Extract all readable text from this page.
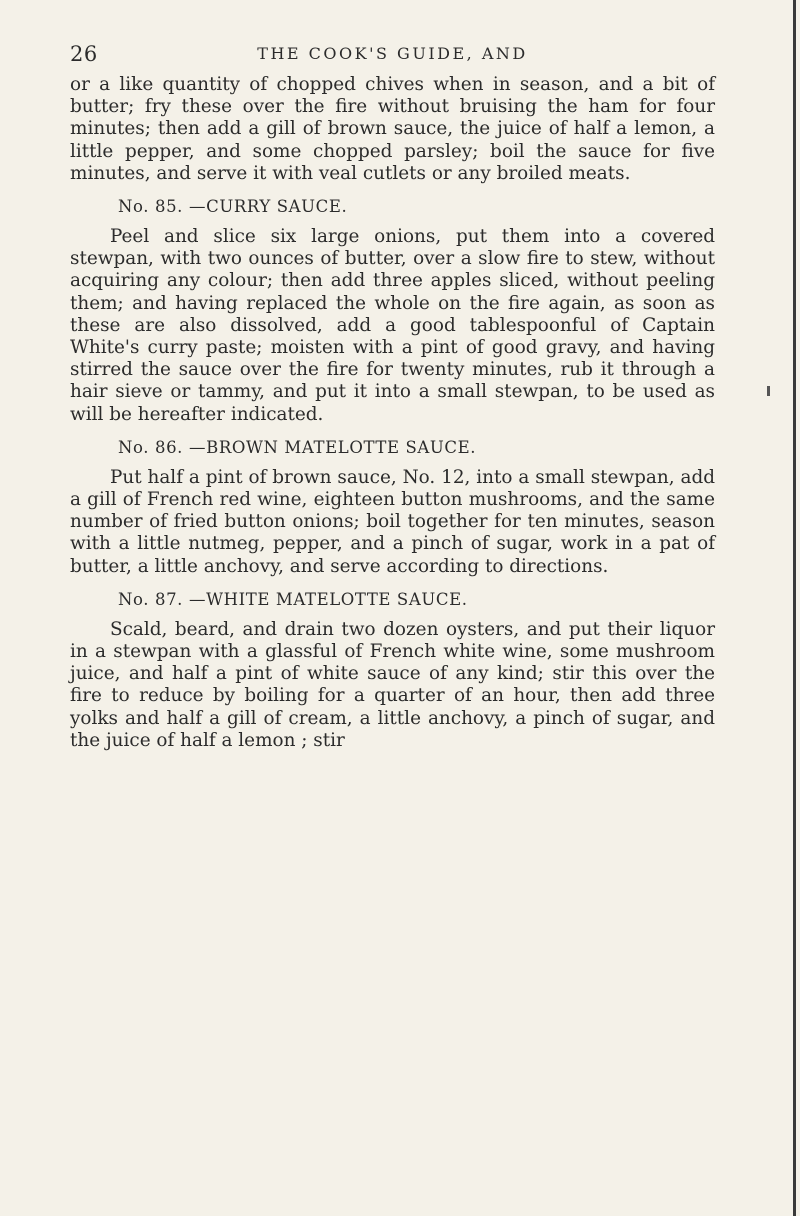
26	THE COOK'S GUIDE, AND

or a like quantity of chopped chives when in season, and a bit of butter; fry these over the fire without bruising the ham for four minutes; then add a gill of brown sauce, the juice of half a lemon, a little pepper, and some chopped parsley; boil the sauce for five minutes, and serve it with veal cutlets or any broiled meats.

No. 85. —CURRY SAUCE.

Peel and slice six large onions, put them into a covered stewpan, with two ounces of butter, over a slow fire to stew, without acquiring any colour; then add three apples sliced, without peeling them; and having replaced the whole on the fire again, as soon as these are also dissolved, add a good tablespoonful of Captain White's curry paste; moisten with a pint of good gravy, and having stirred the sauce over the fire for twenty minutes, rub it through a hair sieve or tammy, and put it into a small stewpan, to be used as will be hereafter indicated.

No. 86. —BROWN MATELOTTE SAUCE.

Put half a pint of brown sauce, No. 12, into a small stewpan, add a gill of French red wine, eighteen button mushrooms, and the same number of fried button onions; boil together for ten minutes, season with a little nutmeg, pepper, and a pinch of sugar, work in a pat of butter, a little anchovy, and serve according to directions.

No. 87. —WHITE MATELOTTE SAUCE.

Scald, beard, and drain two dozen oysters, and put their liquor in a stewpan with a glassful of French white wine, some mushroom juice, and half a pint of white sauce of any kind; stir this over the fire to reduce by boiling for a quarter of an hour, then add three yolks and half a gill of cream, a little anchovy, a pinch of sugar, and the juice of half a lemon ; stir
